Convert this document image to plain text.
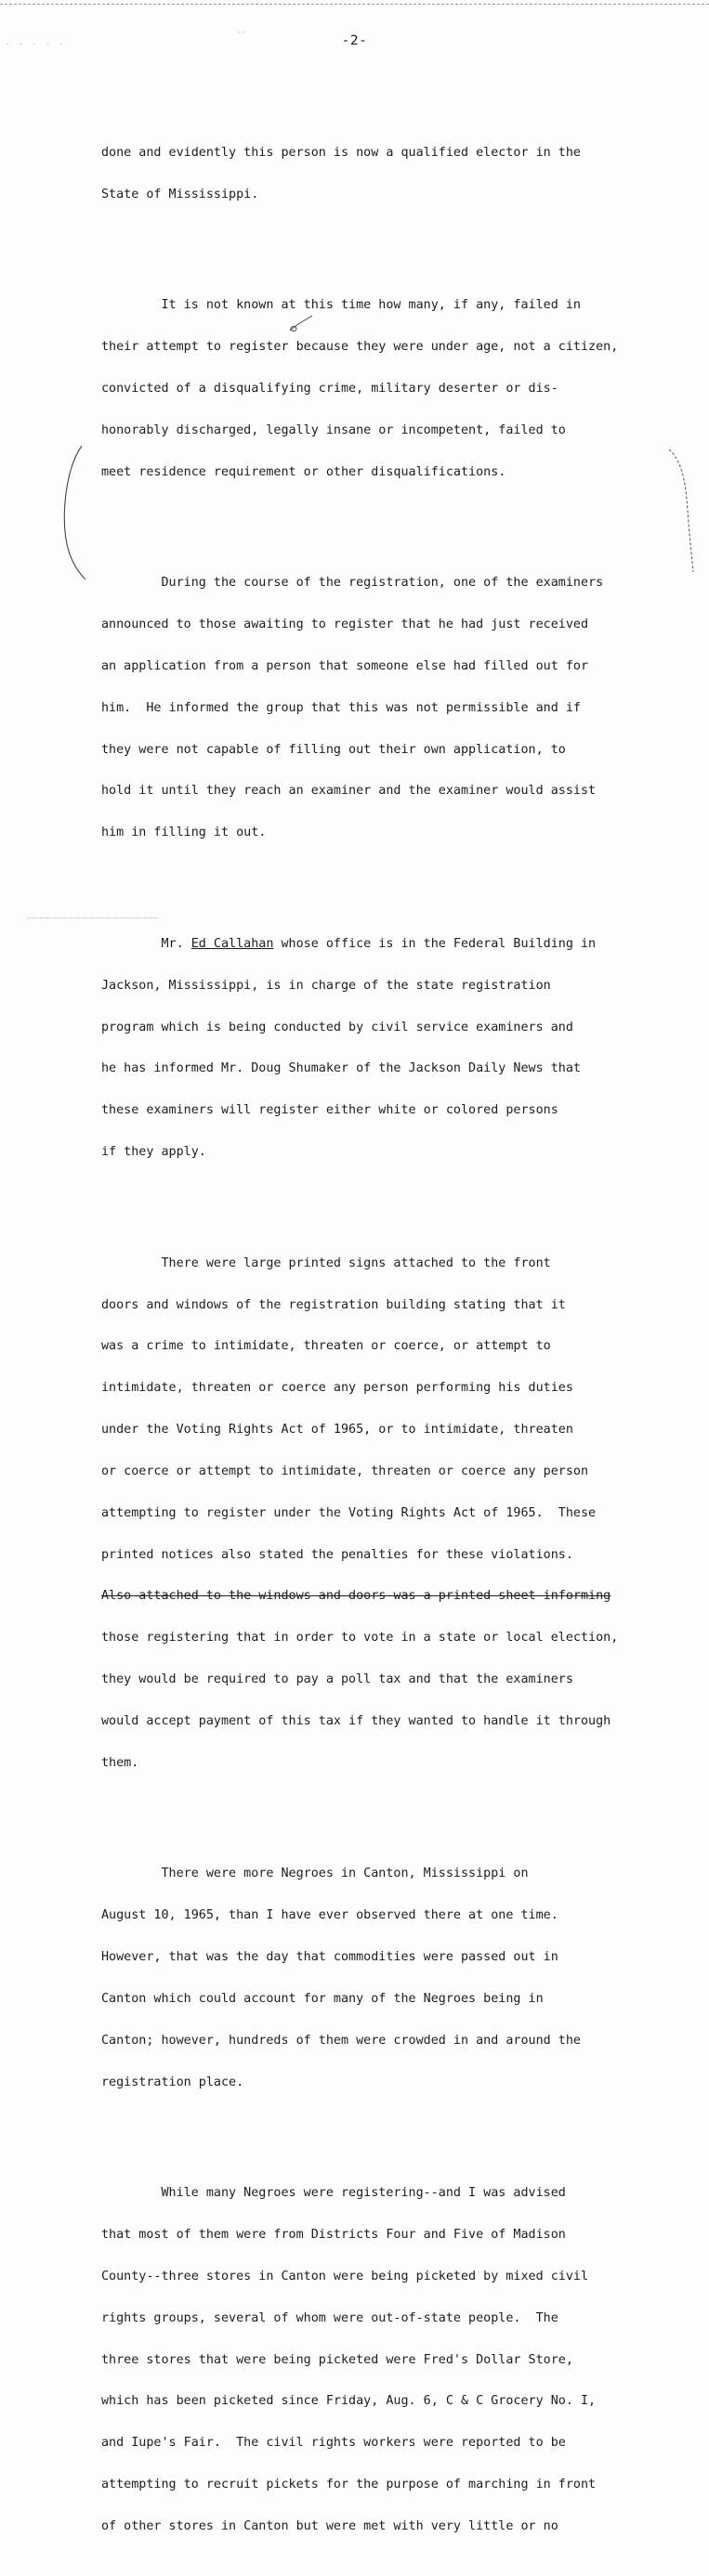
. . . . .
--
-2-

done and evidently this person is now a qualified elector in the

State of Mississippi.

It is not known at this time how many, if any, failed in

their attempt to register because they were under age, not a citizen,

convicted of a disqualifying crime, military deserter or dis-

honorably discharged, legally insane or incompetent, failed to

meet residence requirement or other disqualifications.

During the course of the registration, one of the examiners

announced to those awaiting to register that he had just received

an application from a person that someone else had filled out for

him.  He informed the group that this was not permissible and if

they were not capable of filling out their own application, to

hold it until they reach an examiner and the examiner would assist

him in filling it out.

Mr. Ed Callahan whose office is in the Federal Building in

Jackson, Mississippi, is in charge of the state registration

program which is being conducted by civil service examiners and

he has informed Mr. Doug Shumaker of the Jackson Daily News that

these examiners will register either white or colored persons

if they apply.

There were large printed signs attached to the front

doors and windows of the registration building stating that it

was a crime to intimidate, threaten or coerce, or attempt to

intimidate, threaten or coerce any person performing his duties

under the Voting Rights Act of 1965, or to intimidate, threaten

or coerce or attempt to intimidate, threaten or coerce any person

attempting to register under the Voting Rights Act of 1965.  These

printed notices also stated the penalties for these violations.

Also attached to the windows and doors was a printed sheet informing

those registering that in order to vote in a state or local election,

they would be required to pay a poll tax and that the examiners

would accept payment of this tax if they wanted to handle it through

them.

There were more Negroes in Canton, Mississippi on

August 10, 1965, than I have ever observed there at one time.

However, that was the day that commodities were passed out in

Canton which could account for many of the Negroes being in

Canton; however, hundreds of them were crowded in and around the

registration place.

While many Negroes were registering--and I was advised

that most of them were from Districts Four and Five of Madison

County--three stores in Canton were being picketed by mixed civil

rights groups, several of whom were out-of-state people.  The

three stores that were being picketed were Fred's Dollar Store,

which has been picketed since Friday, Aug. 6, C & C Grocery No. I,

and Iupe's Fair.  The civil rights workers were reported to be

attempting to recruit pickets for the purpose of marching in front

of other stores in Canton but were met with very little or no
